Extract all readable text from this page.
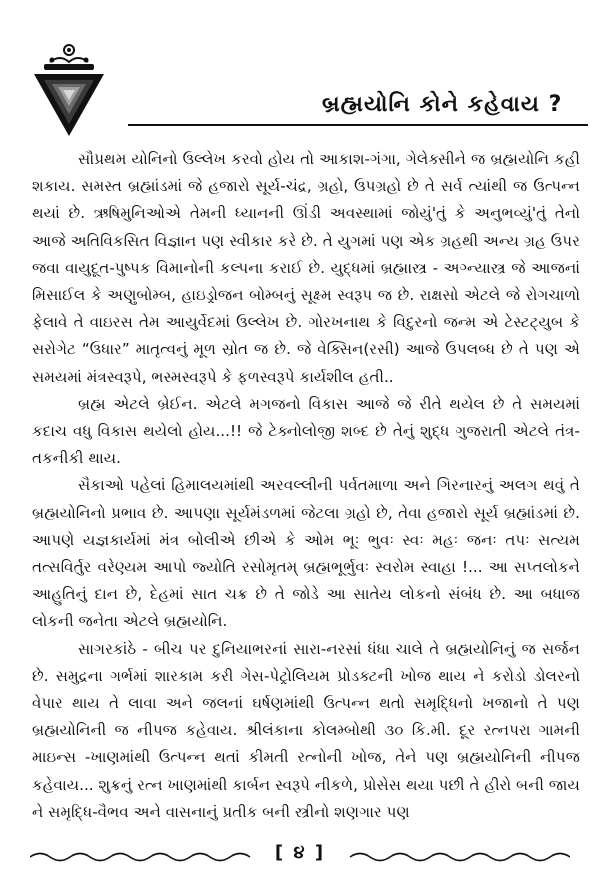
બ્રહ્મયોનિ કોને કહેવાય ?

સૌપ્રથમ યોનિનો ઉલ્લેખ કરવો હોય તો આકાશ-ગંગા, ગેલેક્સીને જ બ્રહ્મયોનિ કહી શકાય. સમસ્ત બ્રહ્માંડમાં જે હજારો સૂર્ય-ચંદ્ર, ગ્રહો, ઉપગ્રહો છે તે સર્વ ત્યાંથી જ ઉત્પન્ન થયાં છે. ઋષિમુનિઓએ તેમની ધ્યાનની ઊંડી અવસ્થામાં જોયું'તું કે અનુભવ્યું'તું તેનો આજે અતિવિકસિત વિજ્ઞાન પણ સ્વીકાર કરે છે. તે યુગમાં પણ એક ગ્રહથી અન્ય ગ્રહ ઉપર જવા વાયુદૂત-પુષ્પક વિમાનોની કલ્પના કરાઈ છે. યુદ્ધમાં બ્રહ્માસ્ત્ર - અગ્ન્યાસ્ત્ર જે આજનાં મિસાઈલ કે અણુબોમ્બ, હાઇડ્રોજન બોમ્બનું સૂક્ષ્મ સ્વરૂપ જ છે. રાક્ષસો એટલે જે રોગચાળો ફેલાવે તે વાઇરસ તેમ આયુર્વેદમાં ઉલ્લેખ છે. ગોરખનાથ કે વિદુરનો જન્મ એ ટેસ્ટટ્યુબ કે સરોગેટ “ઉધાર” માતૃત્વનું મૂળ સ્રોત જ છે. જે વેક્સિન(રસી) આજે ઉપલબ્ધ છે તે પણ એ સમયમાં મંત્રસ્વરૂપે, ભસ્મસ્વરૂપે કે ફળસ્વરૂપે કાર્યશીલ હતી..

બ્રહ્મ એટલે બ્રેઈન. એટલે મગજનો વિકાસ આજે જે રીતે થયેલ છે તે સમયમાં કદાચ વધુ વિકાસ થયેલો હોય...!! જે ટેક્નોલોજી શબ્દ છે તેનું શુદ્ધ ગુજરાતી એટલે તંત્ર-તકનીકી થાય.

સૈકાઓ પહેલાં હિમાલયમાંથી અરવલ્લીની પર્વતમાળા અને ગિરનારનું અલગ થવું તે બ્રહ્મયોનિનો પ્રભાવ છે. આપણા સૂર્યમંડળમાં જેટલા ગ્રહો છે, તેવા હજારો સૂર્ય બ્રહ્માંડમાં છે. આપણે યજ્ઞકાર્યમાં મંત્ર બોલીએ છીએ કે ઓમ ભૂઃ ભુવઃ સ્વઃ મહઃ જનઃ તપઃ સત્યમ તત્સવિર્તુર વરેણ્યમ આપો જ્યોતિ રસોમૃતમ્ બ્રહ્મભૂર્ભુવઃ સ્વરોમ સ્વાહા !... આ સપ્તલોકને આહુતિનું દાન છે, દેહમાં સાત ચક્ર છે તે જોડે આ સાતેય લોકનો સંબંધ છે. આ બધાજ લોકની જનેતા એટલે બ્રહ્મયોનિ.

સાગરકાંઠે - બીચ પર દુનિયાભરનાં સારા-નરસાં ધંધા ચાલે તે બ્રહ્મયોનિનું જ સર્જન છે. સમુદ્રના ગર્ભમાં શારકામ કરી ગેસ-પેટ્રોલિયમ પ્રોડક્ટની ખોજ થાય ને કરોડો ડોલરનો વેપાર થાય તે લાવા અને જલનાં ઘર્ષણમાંથી ઉત્પન્ન થતો સમૃદ્ધિનો ખજાનો તે પણ બ્રહ્મયોનિની જ નીપજ કહેવાય. શ્રીલંકાના કોલમ્બોથી ૩૦ કિ.મી. દૂર રત્નપરા ગામની માઇન્સ -ખાણમાંથી ઉત્પન્ન થતાં કીમતી રત્નોની ખોજ, તેને પણ બ્રહ્મયોનિની નીપજ કહેવાય... શુક્રનું રત્ન ખાણમાંથી કાર્બન સ્વરૂપે નીકળે, પ્રોસેસ થયા પછી તે હીરો બની જાય ને સમૃદ્ધિ-વૈભવ અને વાસનાનું પ્રતીક બની સ્ત્રીનો શણગાર પણ

[ ૪ ]
